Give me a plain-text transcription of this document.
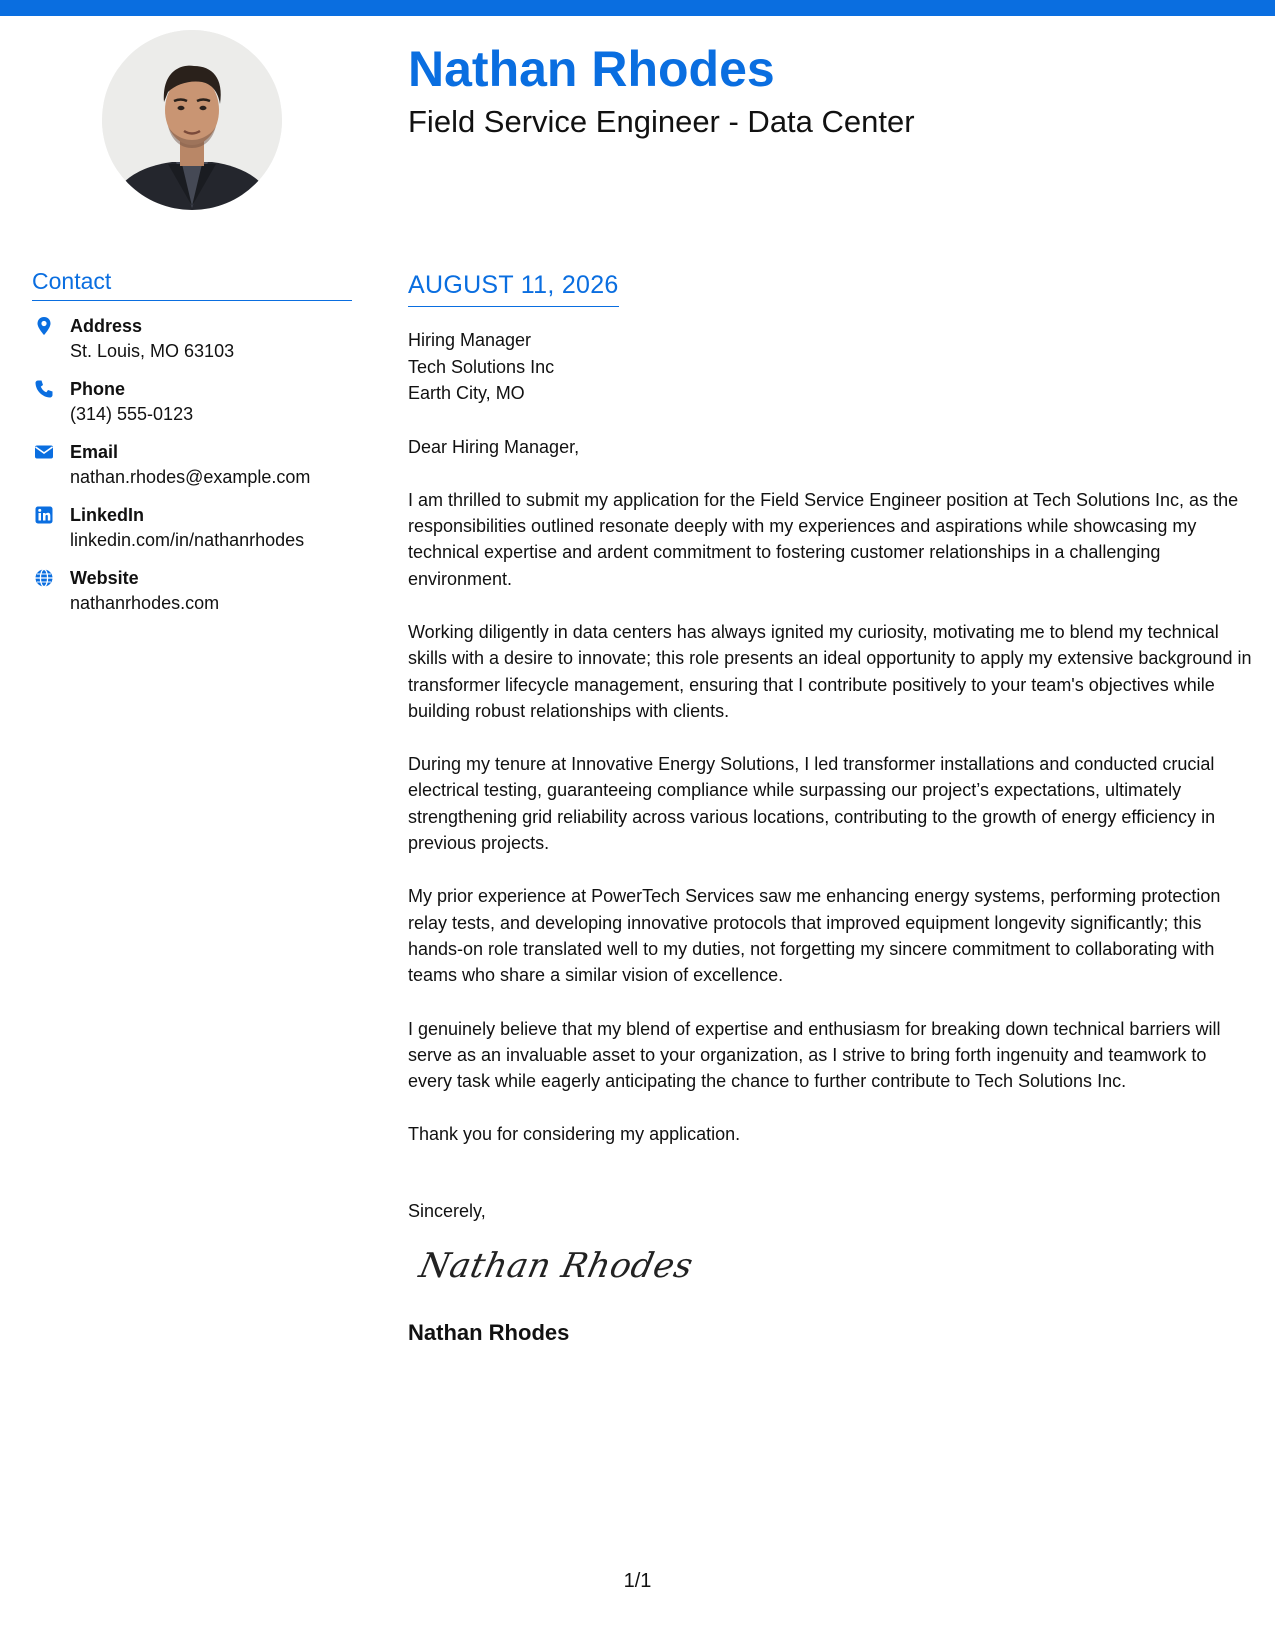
Nathan Rhodes
Field Service Engineer - Data Center
Contact
Address
St. Louis, MO 63103
Phone
(314) 555-0123
Email
nathan.rhodes@example.com
LinkedIn
linkedin.com/in/nathanrhodes
Website
nathanrhodes.com
AUGUST 11, 2026
Hiring Manager
Tech Solutions Inc
Earth City, MO
Dear Hiring Manager,
I am thrilled to submit my application for the Field Service Engineer position at Tech Solutions Inc, as the responsibilities outlined resonate deeply with my experiences and aspirations while showcasing my technical expertise and ardent commitment to fostering customer relationships in a challenging environment.
Working diligently in data centers has always ignited my curiosity, motivating me to blend my technical skills with a desire to innovate; this role presents an ideal opportunity to apply my extensive background in transformer lifecycle management, ensuring that I contribute positively to your team's objectives while building robust relationships with clients.
During my tenure at Innovative Energy Solutions, I led transformer installations and conducted crucial electrical testing, guaranteeing compliance while surpassing our project’s expectations, ultimately strengthening grid reliability across various locations, contributing to the growth of energy efficiency in previous projects.
My prior experience at PowerTech Services saw me enhancing energy systems, performing protection relay tests, and developing innovative protocols that improved equipment longevity significantly; this hands-on role translated well to my duties, not forgetting my sincere commitment to collaborating with teams who share a similar vision of excellence.
I genuinely believe that my blend of expertise and enthusiasm for breaking down technical barriers will serve as an invaluable asset to your organization, as I strive to bring forth ingenuity and teamwork to every task while eagerly anticipating the chance to further contribute to Tech Solutions Inc.
Thank you for considering my application.
Sincerely,
Nathan Rhodes
Nathan Rhodes
1/1
